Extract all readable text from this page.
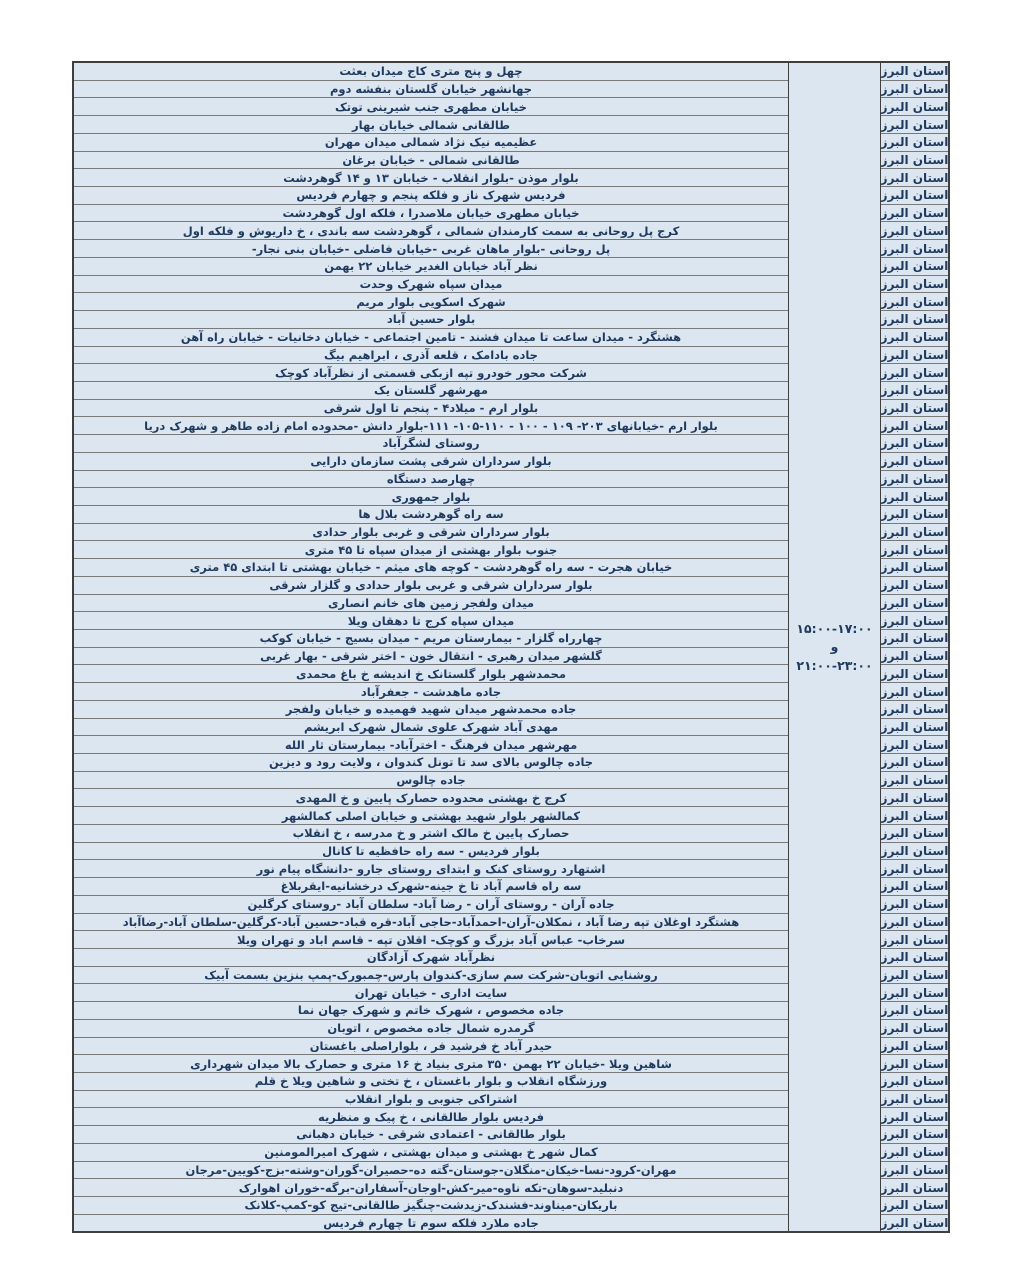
استان البرز
استان البرز
استان البرز
استان البرز
استان البرز
استان البرز
استان البرز
استان البرز
استان البرز
استان البرز
استان البرز
استان البرز
استان البرز
استان البرز
استان البرز
استان البرز
استان البرز
استان البرز
استان البرز
استان البرز
استان البرز
استان البرز
استان البرز
استان البرز
استان البرز
استان البرز
استان البرز
استان البرز
استان البرز
استان البرز
استان البرز
استان البرز
استان البرز
استان البرز
استان البرز
استان البرز
استان البرز
استان البرز
استان البرز
استان البرز
استان البرز
استان البرز
استان البرز
استان البرز
استان البرز
استان البرز
استان البرز
استان البرز
استان البرز
استان البرز
استان البرز
استان البرز
استان البرز
استان البرز
استان البرز
استان البرز
استان البرز
استان البرز
استان البرز
استان البرز
استان البرز
استان البرز
استان البرز
استان البرز
استان البرز
استان البرز
۱۵:۰۰-۱۷:۰۰
و
۲۱:۰۰-۲۳:۰۰
چهل و پنج متری کاج میدان بعثت
جهانشهر خیابان گلستان بنفشه دوم
خیابان مطهری جنب شیرینی توتک
طالقانی شمالی خیابان بهار
عظیمیه نیک نژاد شمالی میدان مهران
طالقانی شمالی - خیابان برغان
بلوار موذن -بلوار انقلاب - خیابان ۱۳ و ۱۴ گوهردشت
فردیس شهرک ناز و فلکه پنجم و چهارم فردیس
خیابان مطهری خیابان ملاصدرا ، فلکه اول گوهردشت
کرج پل روحانی به سمت کارمندان شمالی ، گوهردشت سه باندی ، خ داریوش و فلکه اول
پل روحانی -بلوار ماهان غربی -خیابان فاضلی -خیابان بنی نجار-
نظر آباد خیابان الغدیر خیابان ۲۲ بهمن
میدان سپاه شهرک وحدت
شهرک اسکویی بلوار مریم
بلوار حسین آباد
هشتگرد - میدان ساعت تا میدان فشند - تامین اجتماعی - خیابان دخانیات - خیابان راه آهن
جاده بادامک ، قلعه آذری ، ابراهیم بیگ
شرکت محور خودرو تپه ازبکی قسمتی از نظرآباد کوچک
مهرشهر گلستان یک
بلوار ارم - میلاد۴ - پنجم تا اول شرقی
بلوار ارم -خیابانهای ۲۰۳- ۱۰۹ - ۱۰۰ - ۱۱۰-۱۰۵- ۱۱۱-بلوار دانش -محدوده امام زاده طاهر و شهرک دریا
روستای لشگرآباد
بلوار سرداران شرقی پشت سازمان دارایی
چهارصد دستگاه
بلوار جمهوری
سه راه گوهردشت بلال ها
بلوار سرداران شرقی و غربی بلوار حدادی
جنوب بلوار بهشتی از میدان سپاه تا ۴۵ متری
خیابان هجرت - سه راه گوهردشت - کوچه های میثم - خیابان بهشتی تا ابتدای ۴۵ متری
بلوار سرداران شرقی و غربی بلوار حدادی و گلزار شرقی
میدان ولفجر زمین های خانم انصاری
میدان سپاه کرج تا دهقان ویلا
چهارراه گلزار - بیمارستان مریم - میدان بسیج - خیابان کوکب
گلشهر میدان رهبری - انتقال خون - اختر شرقی - بهار غربی
محمدشهر بلوار گلستانک خ اندیشه خ باغ محمدی
جاده ماهدشت - جعفرآباد
جاده محمدشهر میدان شهید فهمیده و خیابان ولفجر
مهدی آباد شهرک علوی شمال شهرک ابریشم
مهرشهر میدان فرهنگ - اخترآباد- بیمارستان ثار الله
جاده چالوس بالای سد تا تونل کندوان ، ولایت رود و دیزین
جاده چالوس
کرج خ بهشتی محدوده حصارک پایین و خ المهدی
کمالشهر بلوار شهید بهشتی و خیابان اصلی کمالشهر
حصارک پایین خ مالک اشتر و خ مدرسه ، خ انقلاب
بلوار فردیس - سه راه حافظیه تا کانال
اشتهارد روستای کنک و ابتدای روستای جارو -دانشگاه پیام نور
سه راه قاسم آباد تا خ جینه-شهرک درخشانیه-ایقربلاغ
جاده آران - روستای آران - رضا آباد- سلطان آباد -روستای کرگلین
هشتگرد اوغلان تپه رضا آباد ، نمکلان-آران-احمدآباد-حاجی آباد-قره قباد-حسین آباد-کرگلین-سلطان آباد-رضاآباد
سرخاب- عباس آباد بزرگ و کوچک- اقلان تپه - قاسم اباد و تهران ویلا
نظرآباد شهرک آزادگان
روشنایی اتوبان-شرکت سم سازی-کندوان پارس-چمبورک-پمپ بنزین بسمت آبیک
سایت اداری - خیابان تهران
جاده مخصوص ، شهرک خاتم و شهرک جهان نما
گرمدره شمال جاده مخصوص ، اتوبان
حیدر آباد خ فرشید فر ، بلواراصلی باغستان
شاهین ویلا -خیابان ۲۲ بهمن ۳۵۰ متری بنیاد خ ۱۶ متری و حصارک بالا میدان شهرداری
ورزشگاه انقلاب و بلوار باغستان ، خ تختی و شاهین ویلا خ قلم
اشتراکی جنوبی و بلوار انقلاب
فردیس بلوار طالقانی ، خ پیک و منظریه
بلوار طالقانی - اعتمادی شرقی - خیابان دهبانی
کمال شهر خ بهشتی و میدان بهشتی ، شهرک امیرالمومنین
مهران-کرود-نسا-خیکان-منگلان-جوستان-گته ده-حصیران-گوران-وشته-بزج-کویین-مرجان
دنبلید-سوهان-تکه ناوه-میر-کش-اوجان-آسفاران-برگه-خوران اهوارک
باریکان-میناوند-فشندک-زیدشت-چنگیز طالقانی-تیج کو-کمپ-کلانک
جاده ملارد فلکه سوم تا چهارم فردیس
